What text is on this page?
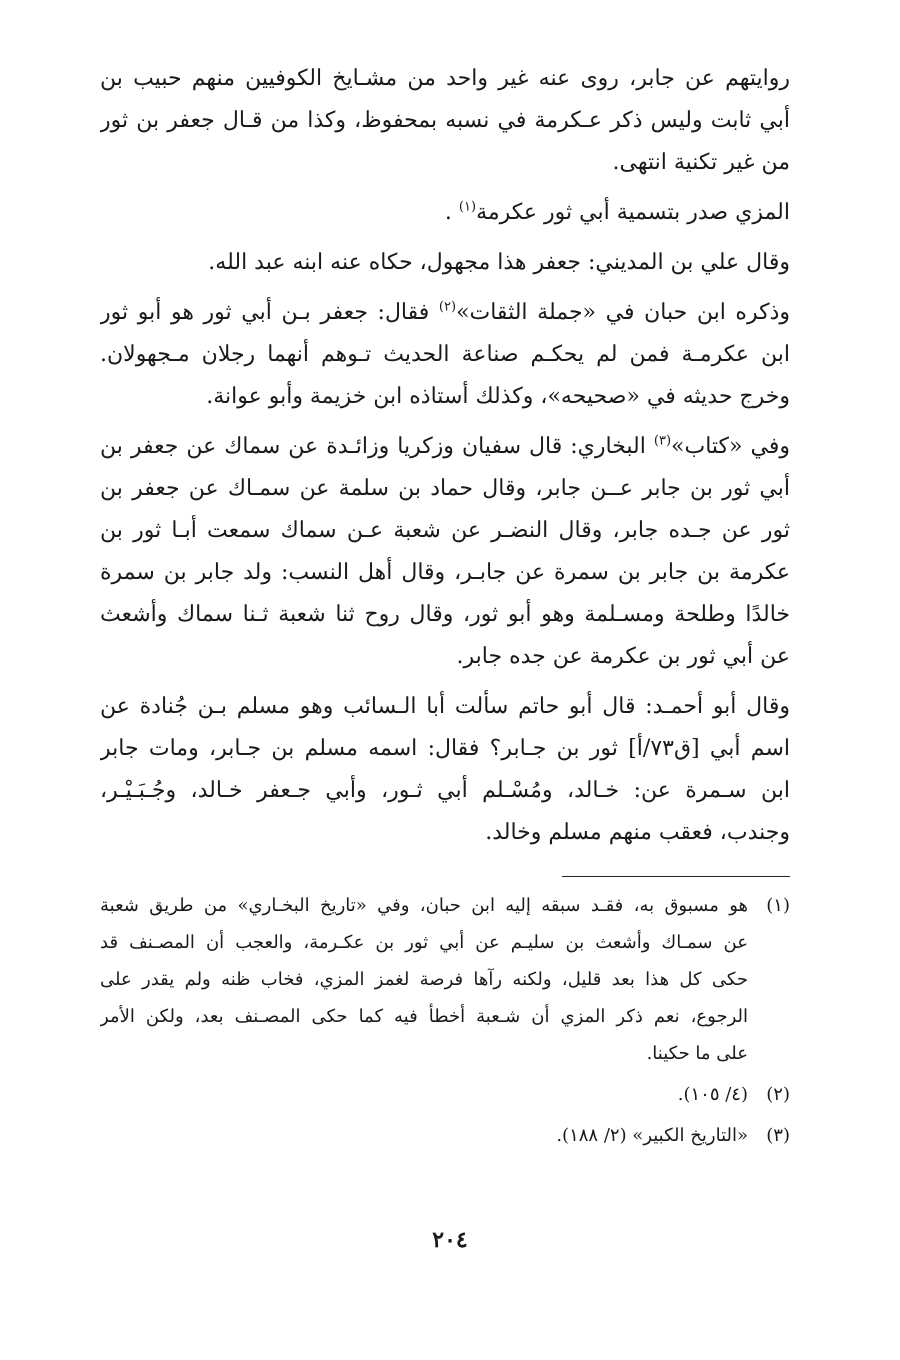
روايتهم عن جابر، روى عنه غير واحد من مشـايخ الكوفيين منهم حبيب بن
أبي ثابت وليس ذكر عـكرمة في نسبه بمحفوظ، وكذا من قـال جعفر بن ثور
من غير تكنية انتهى.
المزي صدر بتسمية أبي ثور عكرمة$^{(١)}$ .
وقال علي بن المديني: جعفر هذا مجهول، حكاه عنه ابنه عبد الله.
وذكره ابن حبان في «جملة الثقات»$^{(٢)}$ فقال: جعفر بـن أبي ثور هو أبو ثور
ابن عكرمـة فمن لم يحكـم صناعة الحديث تـوهم أنهما رجلان مـجهولان.
وخرج حديثه في «صحيحه»، وكذلك أستاذه ابن خزيمة وأبو عوانة.
وفي «كتاب»$^{(٣)}$ البخاري: قال سفيان وزكريا وزائـدة عن سماك عن جعفر بن
أبي ثور بن جابر عــن جابر، وقال حماد بن سلمة عن سمـاك عن جعفر بن
ثور عن جـده جابر، وقال النضـر عن شعبة عـن سماك سمعت أبـا ثور بن
عكرمة بن جابر بن سمرة عن جابـر، وقال أهل النسب: ولد جابر بن سمرة
خالدًا وطلحة ومسـلمة وهو أبو ثور، وقال روح ثنا شعبة ثـنا سماك وأشعث
عن أبي ثور بن عكرمة عن جده جابر.
وقال أبو أحمـد: قال أبو حاتم سألت أبا الـسائب وهو مسلم بـن جُنادة عن
اسم أبي [ق٧٣/أ] ثور بن جـابر؟ فقال: اسمه مسلم بن جـابر، ومات جابر
ابن سـمرة عن: خـالد، ومُسْـلم أبي ثـور، وأبي جـعفر خـالد، وجُـبَـيْـر،
وجندب، فعقب منهم مسلم وخالد.
(١)
هو مسبوق به، فقـد سبقه إليه ابن حبان، وفي «تاريخ البخـاري» من طريق شعبة
عن سمـاك وأشعث بن سليـم عن أبي ثور بن عكـرمة، والعجب أن المصـنف قد
حكى كل هذا بعد قليل، ولكنه رآها فرصة لغمز المزي، فخاب ظنه ولم يقدر على
الرجوع، نعم ذكر المزي أن شـعبة أخطأ فيه كما حكى المصـنف بعد، ولكن الأمر
على ما حكينا.
(٢)
(٤/ ١٠٥).
(٣)
«التاريخ الكبير» (٢/ ١٨٨).
٢٠٤
